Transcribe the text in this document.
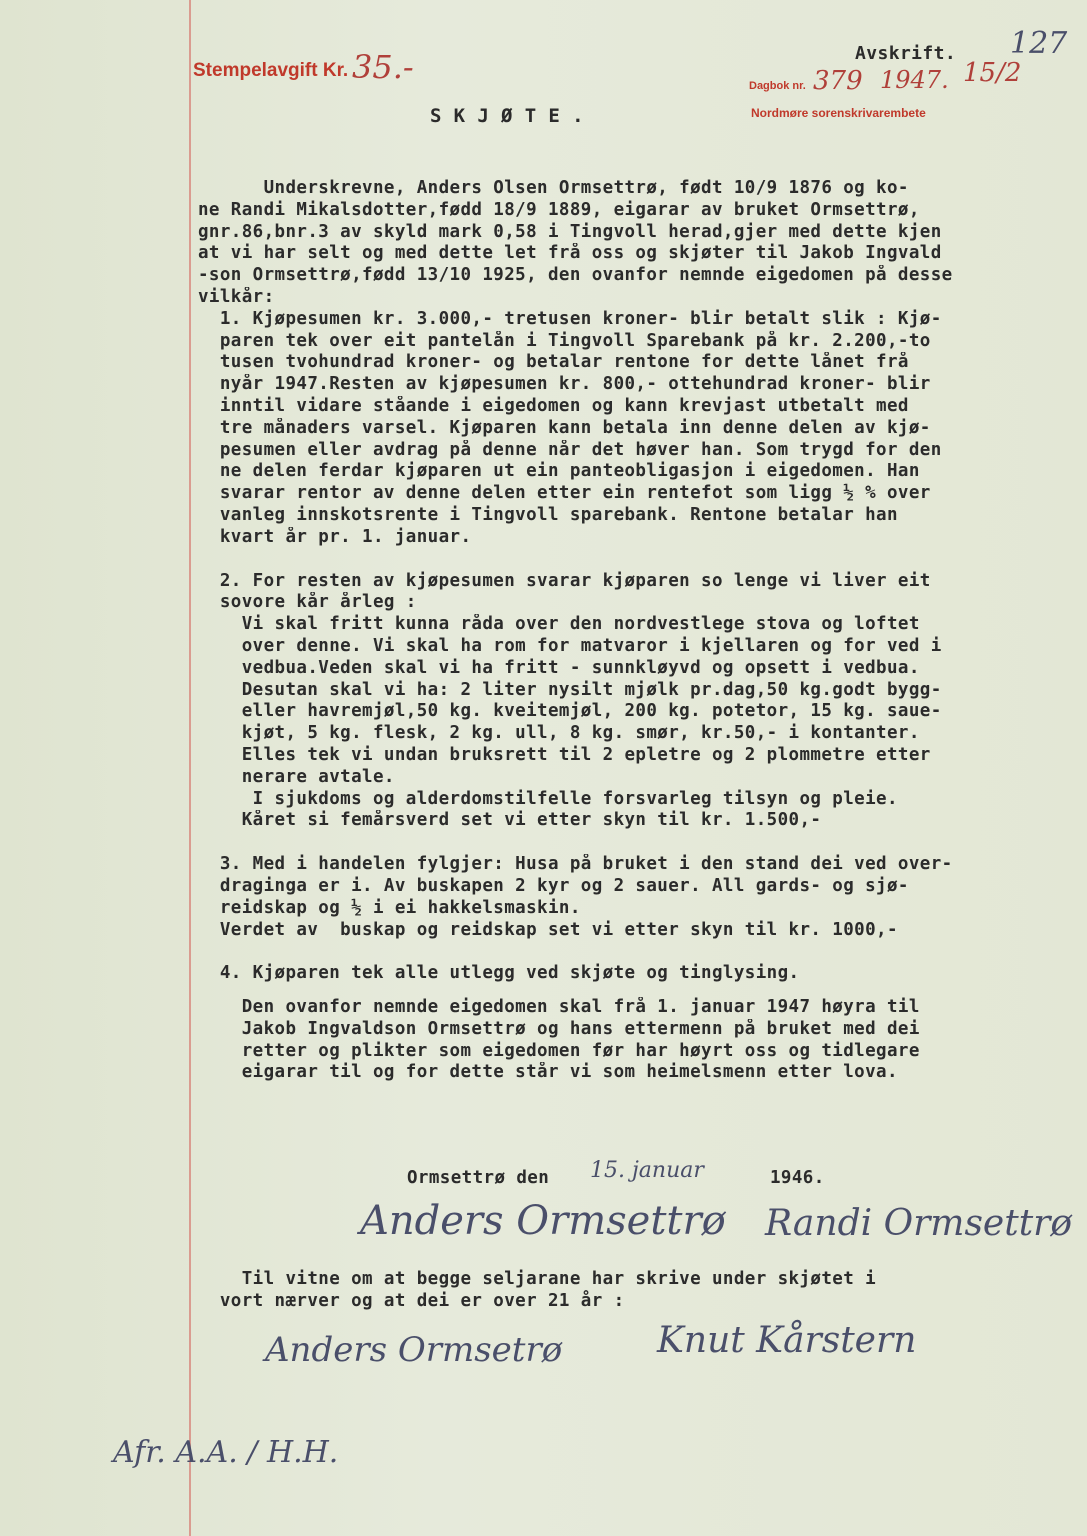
Stempelavgift Kr. 35.-	Avskrift. 127
Dagbok nr. 379 1947. 15/2
Nordmøre sorenskrivarembete
S K J Ø T E .
Underskrevne, Anders Olsen Ormsettrø, født 10/9 1876 og ko-
ne Randi Mikalsdotter,fødd 18/9 1889, eigarar av bruket Ormsettrø,
gnr.86,bnr.3 av skyld mark 0,58 i Tingvoll herad,gjer med dette kjen
at vi har selt og med dette let frå oss og skjøter til Jakob Ingvald
-son Ormsettrø,fødd 13/10 1925, den ovanfor nemnde eigedomen på desse
vilkår:
1. Kjøpesumen kr. 3.000,- tretusen kroner- blir betalt slik : Kjø-
paren tek over eit pantelån i Tingvoll Sparebank på kr. 2.200,-to
tusen tvohundrad kroner- og betalar rentone for dette lånet frå
nyår 1947.Resten av kjøpesumen kr. 800,- ottehundrad kroner- blir
inntil vidare ståande i eigedomen og kann krevjast utbetalt med
tre månaders varsel. Kjøparen kann betala inn denne delen av kjø-
pesumen eller avdrag på denne når det høver han. Som trygd for den
ne delen ferdar kjøparen ut ein panteobligasjon i eigedomen. Han
svarar rentor av denne delen etter ein rentefot som ligg ½ % over
vanleg innskotsrente i Tingvoll sparebank. Rentone betalar han
kvart år pr. 1. januar.
2. For resten av kjøpesumen svarar kjøparen so lenge vi liver eit
sovore kår årleg :
Vi skal fritt kunna råda over den nordvestlege stova og loftet
over denne. Vi skal ha rom for matvaror i kjellaren og for ved i
vedbua.Veden skal vi ha fritt - sunnkløyvd og opsett i vedbua.
Desutan skal vi ha: 2 liter nysilt mjølk pr.dag,50 kg.godt bygg-
eller havremjøl,50 kg. kveitemjøl, 200 kg. potetor, 15 kg. saue-
kjøt, 5 kg. flesk, 2 kg. ull, 8 kg. smør, kr.50,- i kontanter.
Elles tek vi undan bruksrett til 2 epletre og 2 plommetre etter
nerare avtale.
I sjukdoms og alderdomstilfelle forsvarleg tilsyn og pleie.
Kåret si femårsverd set vi etter skyn til kr. 1.500,-
3. Med i handelen fylgjer: Husa på bruket i den stand dei ved over-
draginga er i. Av buskapen 2 kyr og 2 sauer. All gards- og sjø-
reidskap og ½ i ei hakkelsmaskin.
Verdet av  buskap og reidskap set vi etter skyn til kr. 1000,-
4. Kjøparen tek alle utlegg ved skjøte og tinglysing.
Den ovanfor nemnde eigedomen skal frå 1. januar 1947 høyra til
Jakob Ingvaldson Ormsettrø og hans ettermenn på bruket med dei
retter og plikter som eigedomen før har høyrt oss og tidlegare
eigarar til og for dette står vi som heimelsmenn etter lova.
Ormsettrø den 15. januar	1946.
Anders Ormsettrø Randi Ormsettrø
Til vitne om at begge seljarane har skrive under skjøtet i
vort nærver og at dei er over 21 år :
Anders Ormsetrø	Knut Kårstern
Afr. A.A. / H.H.
